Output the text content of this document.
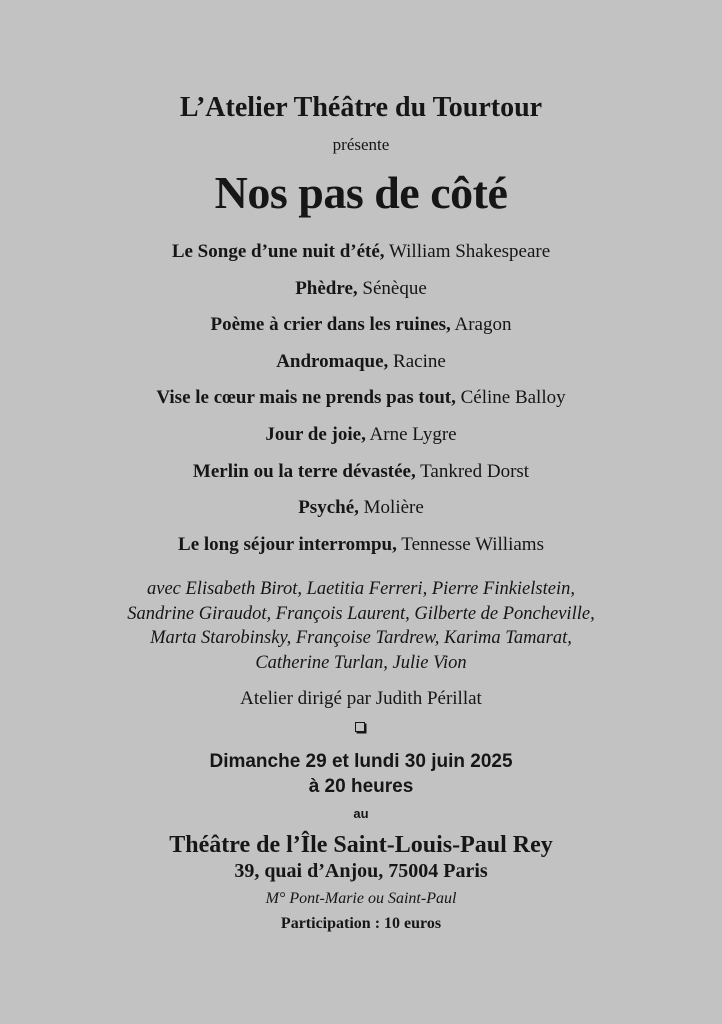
L’Atelier Théâtre du Tourtour
présente
Nos pas de côté
Le Songe d’une nuit d’été, William Shakespeare
Phèdre, Sénèque
Poème à crier dans les ruines, Aragon
Andromaque, Racine
Vise le cœur mais ne prends pas tout, Céline Balloy
Jour de joie, Arne Lygre
Merlin ou la terre dévastée, Tankred Dorst
Psyché, Molière
Le long séjour interrompu, Tennesse Williams
avec Elisabeth Birot, Laetitia Ferreri, Pierre Finkielstein,
Sandrine Giraudot, François Laurent, Gilberte de Poncheville,
Marta Starobinsky, Françoise Tardrew, Karima Tamarat,
Catherine Turlan, Julie Vion
Atelier dirigé par Judith Périllat
Dimanche 29 et lundi 30 juin 2025
à 20 heures
au
Théâtre de l’Île Saint-Louis-Paul Rey
39, quai d’Anjou, 75004 Paris
M° Pont-Marie ou Saint-Paul
Participation : 10 euros
